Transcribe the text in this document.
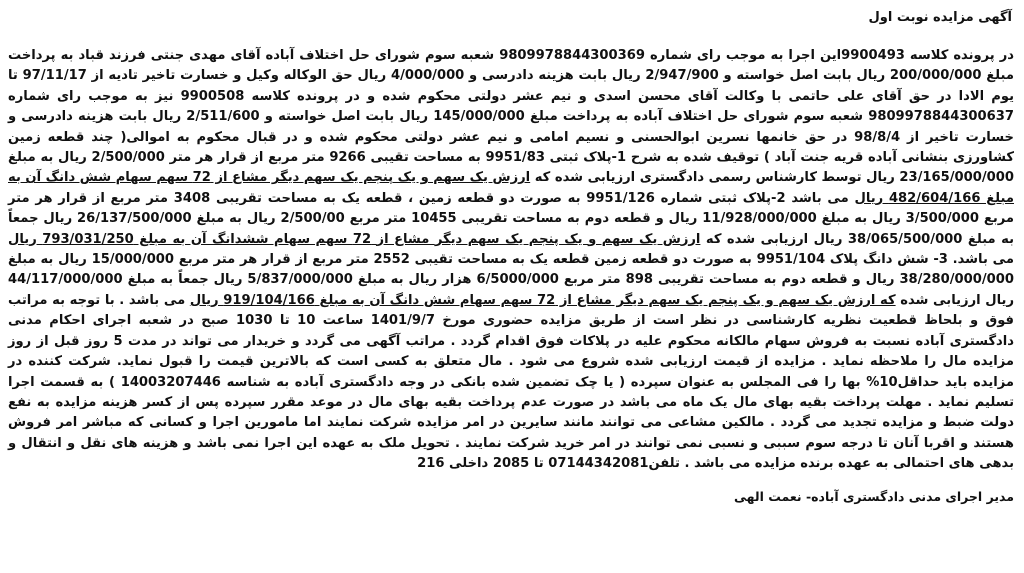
آگهی مزایده نوبت اول

در پرونده کلاسه 9900493این اجرا به موجب رای شماره 9809978844300369 شعبه سوم شورای حل اختلاف آباده آقای مهدی جنتی فرزند قباد به پرداخت مبلغ 200/000/000 ریال بابت اصل خواسته و 2/947/900 ریال بابت هزینه دادرسی و 4/000/000 ریال حق الوکاله وکیل و خسارت تاخیر تادیه از 97/11/17 تا یوم الادا در حق آقای علی حاتمی با وکالت آقای محسن اسدی و نیم عشر دولتی محکوم شده و در پرونده کلاسه 9900508 نیز به موجب رای شماره 9809978844300637 شعبه سوم شورای حل اختلاف آباده به پرداخت مبلغ 145/000/000 ریال بابت اصل خواسته و 2/511/600 ریال بابت هزینه دادرسی و خسارت تاخیر از 98/8/4 در حق خانمها نسرین ابوالحسنی و نسیم امامی و نیم عشر دولتی محکوم شده و در قبال محکوم به اموالی( چند قطعه زمین کشاورزی بنشانی آباده قریه جنت آباد ) توقیف شده به شرح 1-پلاک ثبتی 9951/83 به مساحت تقیبی 9266 متر مربع از قرار هر متر 2/500/000 ریال به مبلغ 23/165/000/000 ریال توسط کارشناس رسمی دادگستری ارزیابی شده که ارزش یک سهم و یک پنجم یک سهم دیگر مشاع از 72 سهم سهام شش دانگ آن به مبلغ 482/604/166 ریال می باشد 2-پلاک ثبتی شماره 9951/126 به صورت دو قطعه زمین ، قطعه یک به مساحت تقریبی 3408 متر مربع از قرار هر متر مربع 3/500/000 ریال به مبلغ 11/928/000/000 ریال و قطعه دوم به مساحت تقریبی 10455 متر مربع 2/500/00 ریال به مبلغ 26/137/500/000 ریال جمعاً به مبلغ 38/065/500/000 ریال ارزیابی شده که ارزش یک سهم و یک پنجم یک سهم دیگر مشاع از 72 سهم سهام ششدانگ آن به مبلغ 793/031/250 ریال می باشد. 3- شش دانگ پلاک 9951/104 به صورت دو قطعه زمین قطعه یک به مساحت تقیبی 2552 متر مربع از قرار هر متر مربع 15/000/000 ریال به مبلغ 38/280/000/000 ریال و قطعه دوم به مساحت تقریبی 898 متر مربع 6/5000/000 هزار ریال به مبلغ 5/837/000/000 ریال جمعاً به مبلغ 44/117/000/000 ریال ارزیابی شده که ارزش یک سهم و یک پنجم یک سهم دیگر مشاع از 72 سهم سهام شش دانگ آن به مبلغ 919/104/166 ریال می باشد . با توجه به مراتب فوق و بلحاظ قطعیت نظریه کارشناسی در نظر است از طریق مزایده حضوری مورخ 1401/9/7 ساعت 10 تا 1030 صبح در شعبه اجرای احکام مدنی دادگستری آباده نسبت به فروش سهام مالکانه محکوم علیه در پلاکات فوق اقدام گردد . مراتب آگهی می گردد و خریدار می تواند در مدت 5 روز قبل از روز مزایده مال را ملاحظه نماید . مزایده از قیمت ارزیابی شده شروع می شود . مال متعلق به کسی است که بالاترین قیمت را قبول نماید. شرکت کننده در مزایده باید حداقل10% بها را فی المجلس به عنوان سپرده ( یا چک تضمین شده بانکی در وجه دادگستری آباده به شناسه 14003207446 ) به قسمت اجرا تسلیم نماید . مهلت پرداخت بقیه بهای مال یک ماه می باشد در صورت عدم پرداخت بقیه بهای مال در موعد مقرر سپرده پس از کسر هزینه مزایده به نفع دولت ضبط و مزایده تجدید می گردد . مالکین مشاعی می توانند مانند سایرین در امر مزایده شرکت نمایند اما مامورین اجرا و کسانی که مباشر امر فروش هستند و اقربا آنان تا درجه سوم سببی و نسبی نمی توانند در امر خرید شرکت نمایند . تحویل ملک به عهده این اجرا نمی باشد و هزینه های نقل و انتقال و بدهی های احتمالی به عهده برنده مزایده می باشد . تلفن07144342081 تا 2085 داخلی 216

مدیر اجرای مدنی دادگستری آباده- نعمت الهی
